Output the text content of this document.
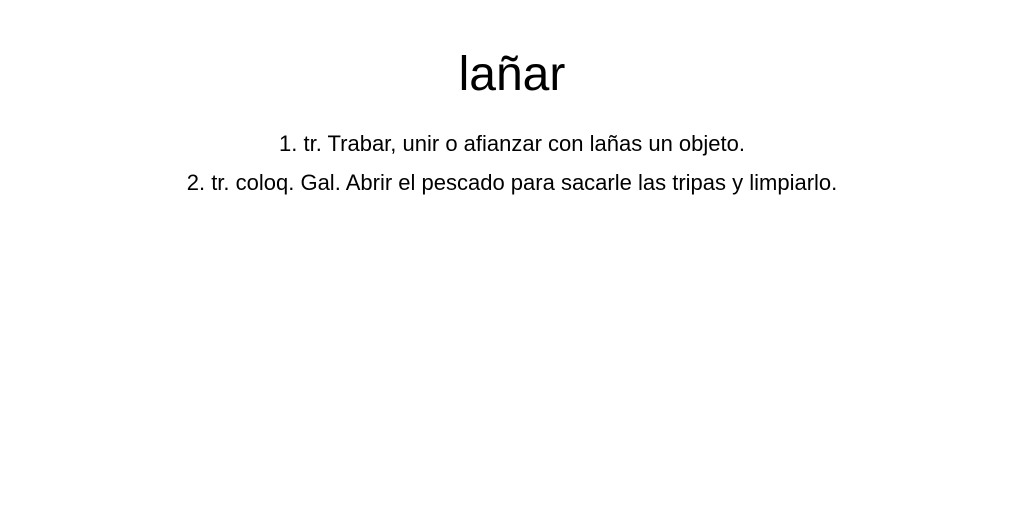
lañar
1. tr. Trabar, unir o afianzar con lañas un objeto.
2. tr. coloq. Gal. Abrir el pescado para sacarle las tripas y limpiarlo.
